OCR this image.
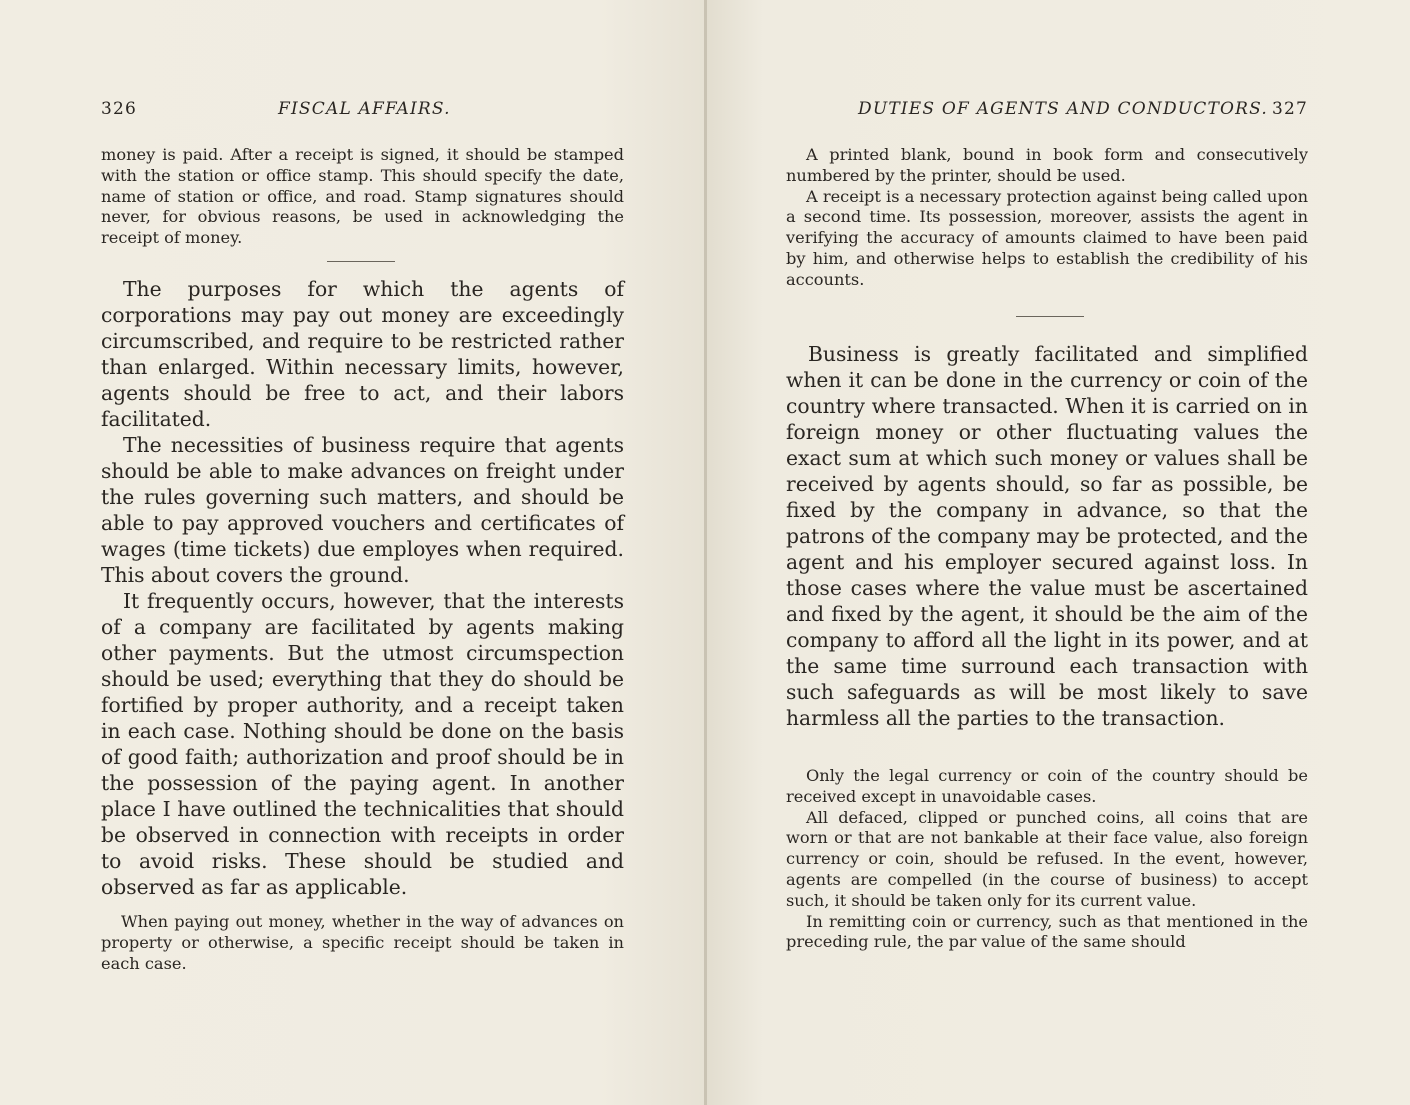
326	FISCAL AFFAIRS.

money is paid. After a receipt is signed, it should be stamped with the station or office stamp. This should specify the date, name of station or office, and road. Stamp signatures should never, for obvious reasons, be used in acknowledging the receipt of money.

The purposes for which the agents of corporations may pay out money are exceedingly circumscribed, and require to be restricted rather than enlarged. Within necessary limits, however, agents should be free to act, and their labors facilitated.

The necessities of business require that agents should be able to make advances on freight under the rules governing such matters, and should be able to pay approved vouchers and certificates of wages (time tickets) due employes when required. This about covers the ground.

It frequently occurs, however, that the interests of a company are facilitated by agents making other payments. But the utmost circumspection should be used; everything that they do should be fortified by proper authority, and a receipt taken in each case. Nothing should be done on the basis of good faith; authorization and proof should be in the possession of the paying agent. In another place I have outlined the technicalities that should be observed in connection with receipts in order to avoid risks. These should be studied and observed as far as applicable.

When paying out money, whether in the way of advances on property or otherwise, a specific receipt should be taken in each case.

DUTIES OF AGENTS AND CONDUCTORS. 327

A printed blank, bound in book form and consecutively numbered by the printer, should be used.

A receipt is a necessary protection against being called upon a second time. Its possession, moreover, assists the agent in verifying the accuracy of amounts claimed to have been paid by him, and otherwise helps to establish the credibility of his accounts.

Business is greatly facilitated and simplified when it can be done in the currency or coin of the country where transacted. When it is carried on in foreign money or other fluctuating values the exact sum at which such money or values shall be received by agents should, so far as possible, be fixed by the company in advance, so that the patrons of the company may be protected, and the agent and his employer secured against loss. In those cases where the value must be ascertained and fixed by the agent, it should be the aim of the company to afford all the light in its power, and at the same time surround each transaction with such safeguards as will be most likely to save harmless all the parties to the transaction.

Only the legal currency or coin of the country should be received except in unavoidable cases.

All defaced, clipped or punched coins, all coins that are worn or that are not bankable at their face value, also foreign currency or coin, should be refused. In the event, however, agents are compelled (in the course of business) to accept such, it should be taken only for its current value.

In remitting coin or currency, such as that mentioned in the preceding rule, the par value of the same should
